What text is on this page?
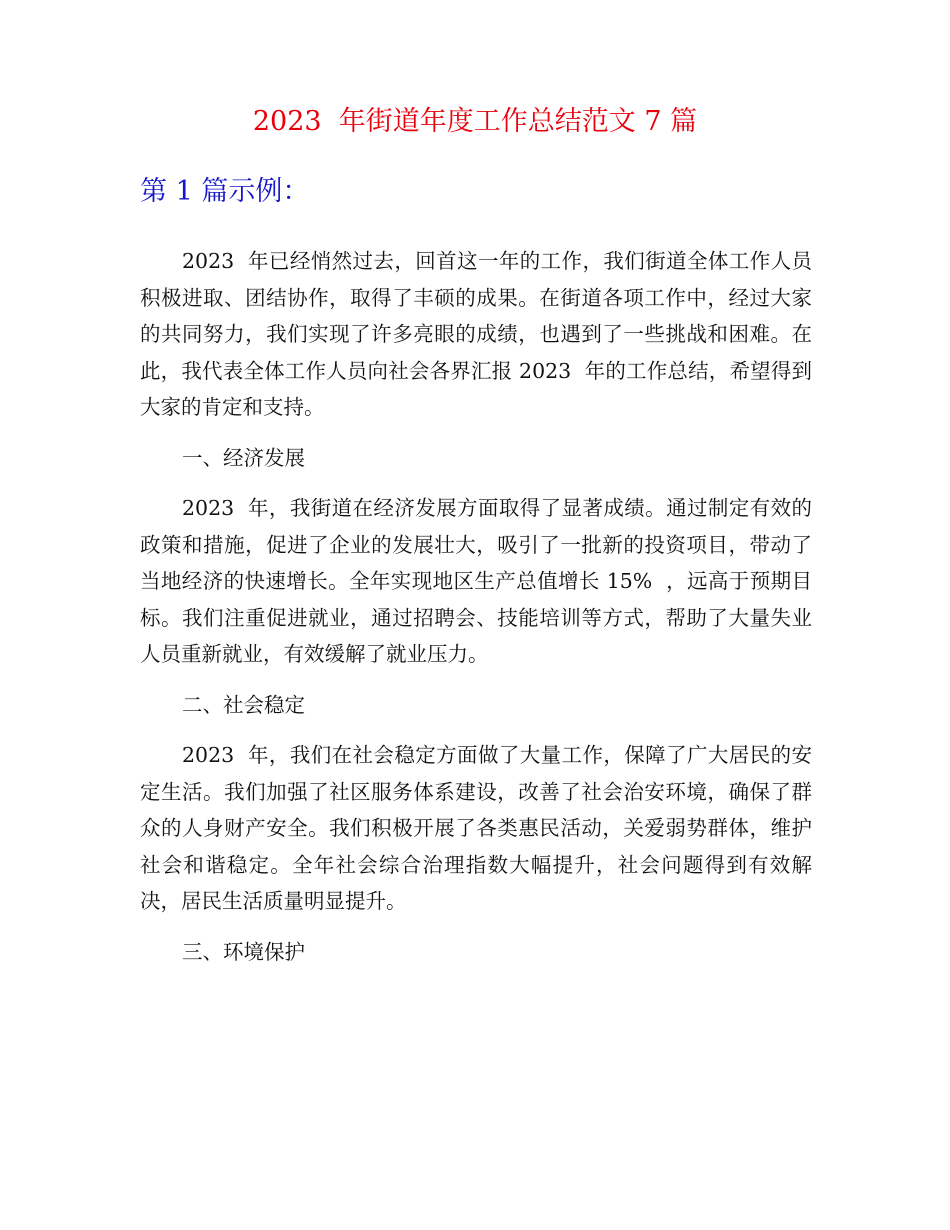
2023  年街道年度工作总结范文 7 篇
第 1 篇示例：

2023  年已经悄然过去，回首这一年的工作，我们街道全体工作人员积极进取、团结协作，取得了丰硕的成果。在街道各项工作中，经过大家的共同努力，我们实现了许多亮眼的成绩，也遇到了一些挑战和困难。在此，我代表全体工作人员向社会各界汇报 2023  年的工作总结，希望得到大家的肯定和支持。

一、经济发展

2023  年，我街道在经济发展方面取得了显著成绩。通过制定有效的政策和措施，促进了企业的发展壮大，吸引了一批新的投资项目，带动了当地经济的快速增长。全年实现地区生产总值增长 15%  ，远高于预期目标。我们注重促进就业，通过招聘会、技能培训等方式，帮助了大量失业人员重新就业，有效缓解了就业压力。

二、社会稳定

2023  年，我们在社会稳定方面做了大量工作，保障了广大居民的安定生活。我们加强了社区服务体系建设，改善了社会治安环境，确保了群众的人身财产安全。我们积极开展了各类惠民活动，关爱弱势群体，维护社会和谐稳定。全年社会综合治理指数大幅提升，社会问题得到有效解决，居民生活质量明显提升。

三、环境保护
